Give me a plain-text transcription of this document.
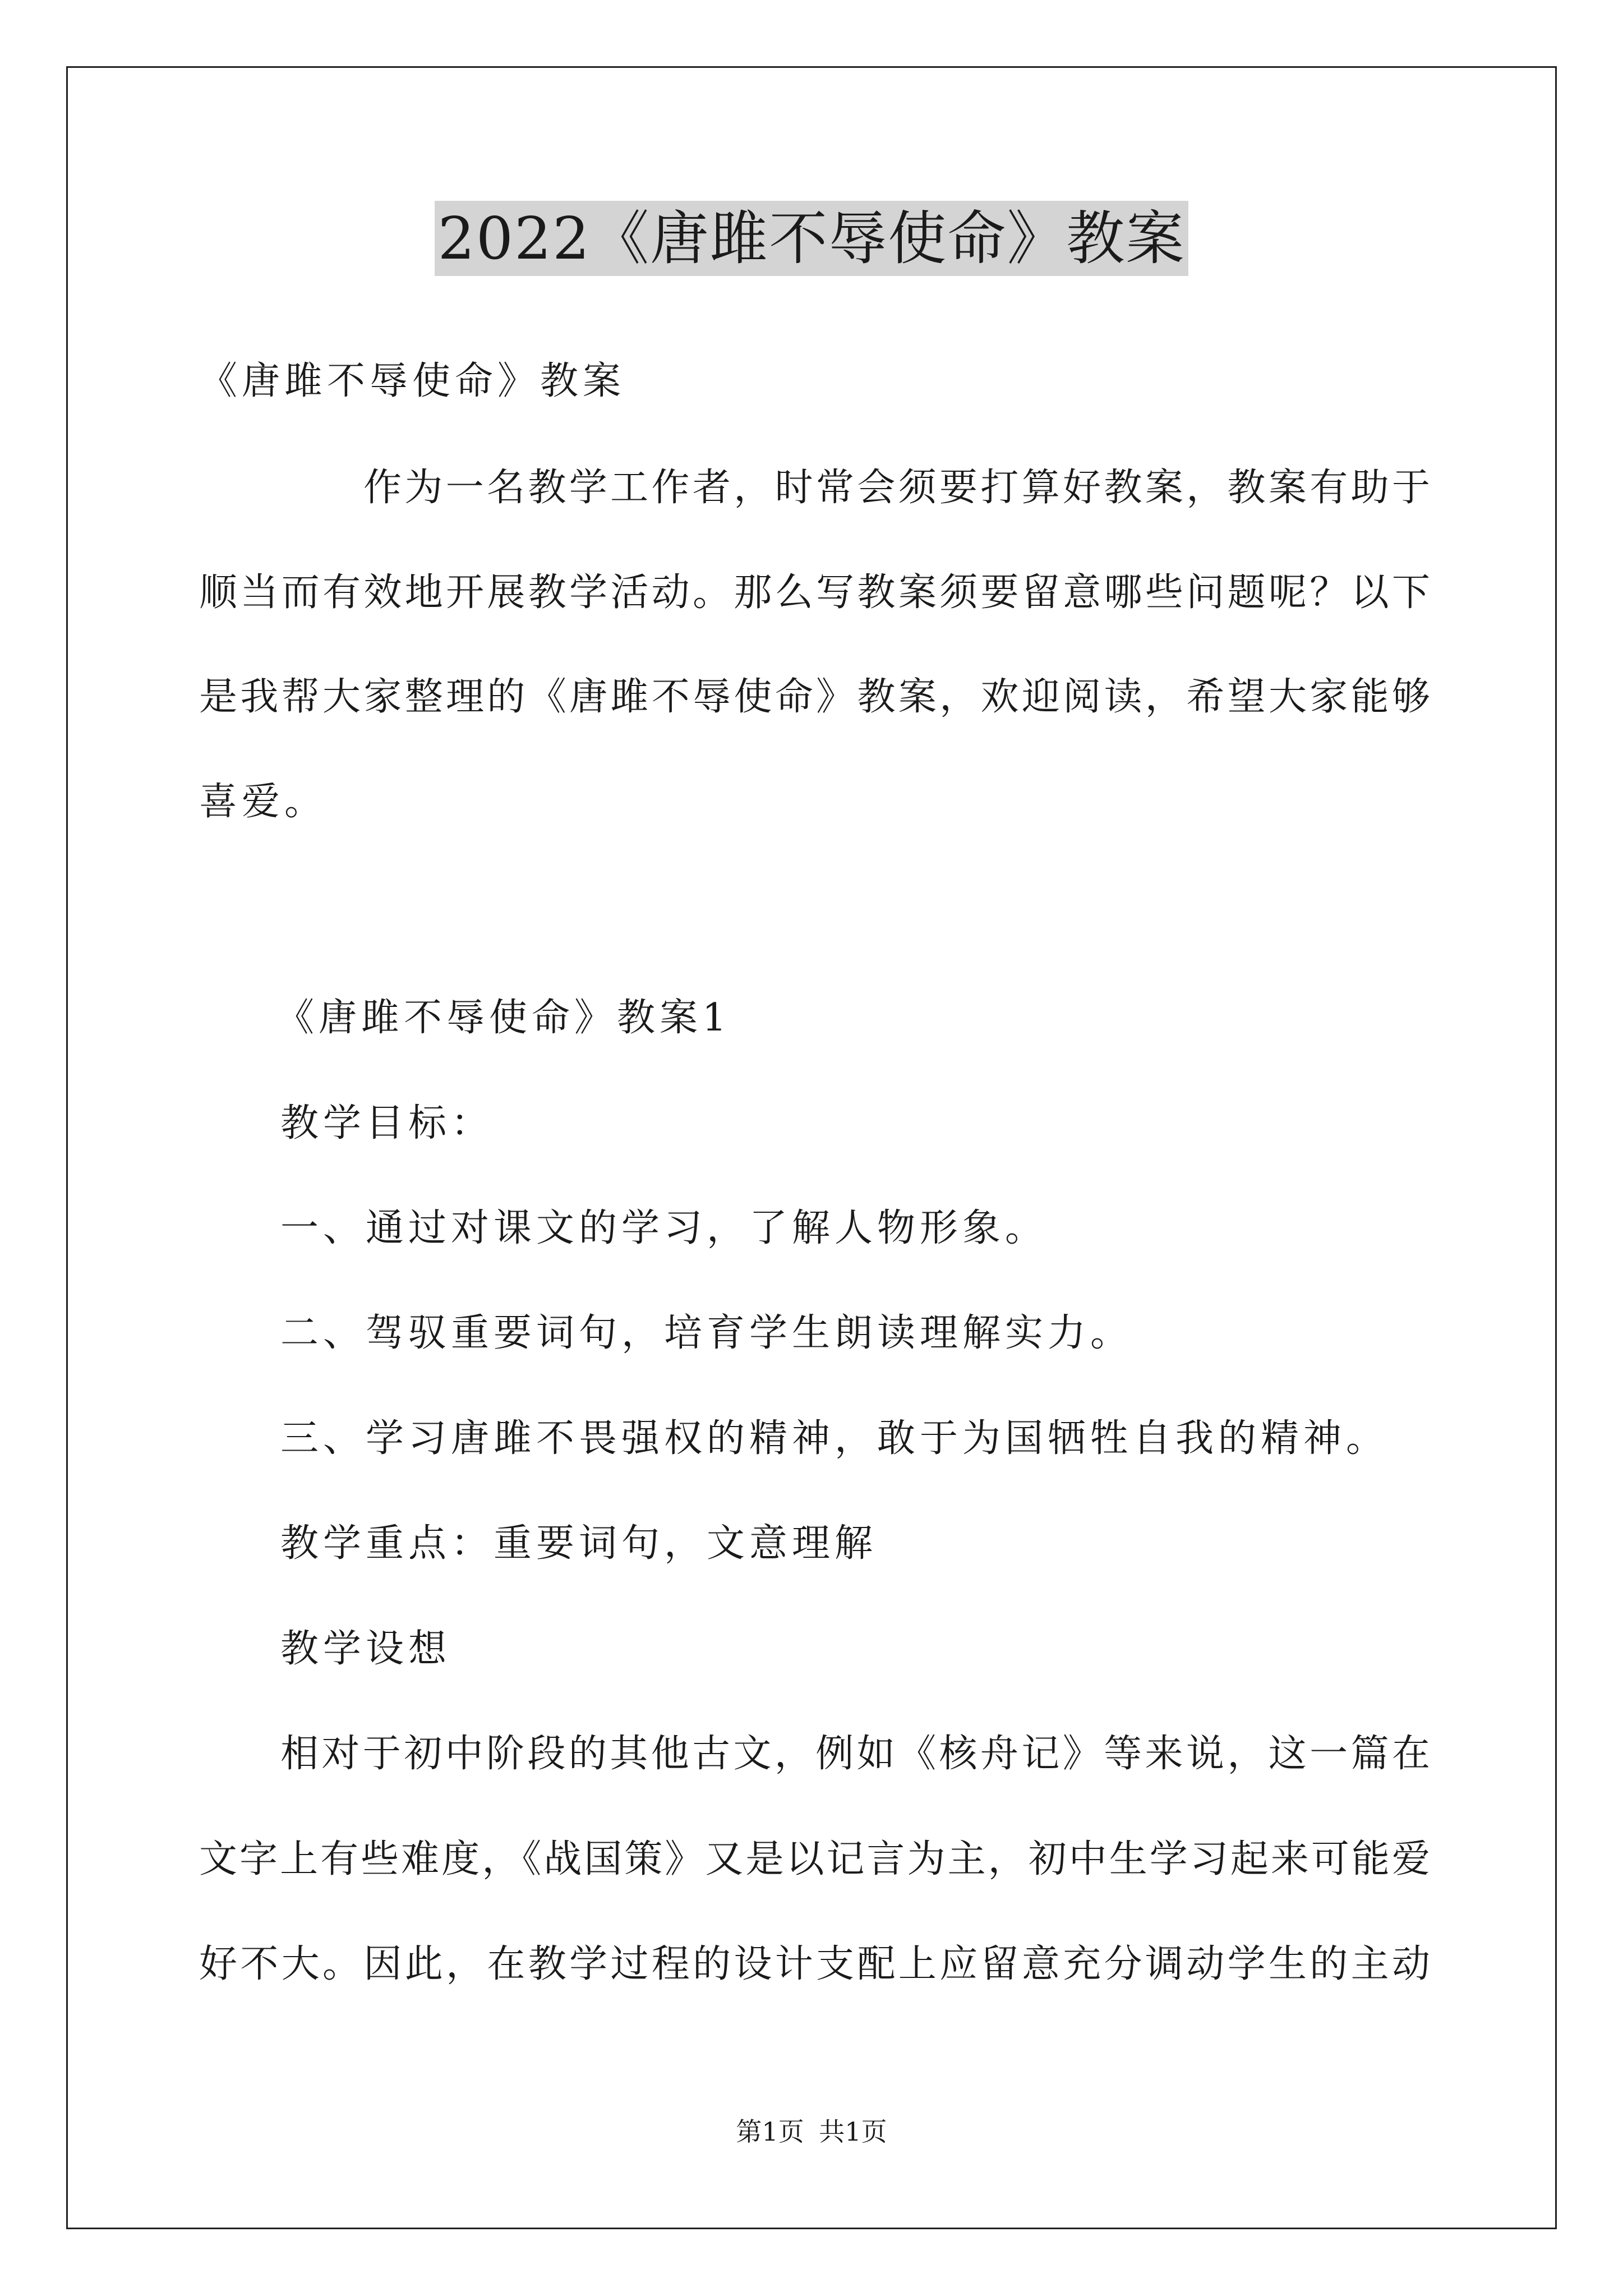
2022《唐雎不辱使命》教案
《唐雎不辱使命》教案
作为一名教学工作者，时常会须要打算好教案，教案有助于
顺当而有效地开展教学活动。那么写教案须要留意哪些问题呢？以下
是我帮大家整理的《唐雎不辱使命》教案，欢迎阅读，希望大家能够
喜爱。
《唐雎不辱使命》教案1
教学目标：
一、通过对课文的学习，了解人物形象。
二、驾驭重要词句，培育学生朗读理解实力。
三、学习唐雎不畏强权的精神，敢于为国牺牲自我的精神。
教学重点：重要词句，文意理解
教学设想
相对于初中阶段的其他古文，例如《核舟记》等来说，这一篇在
文字上有些难度，《战国策》又是以记言为主，初中生学习起来可能爱
好不大。因此，在教学过程的设计支配上应留意充分调动学生的主动
第1页 共1页
